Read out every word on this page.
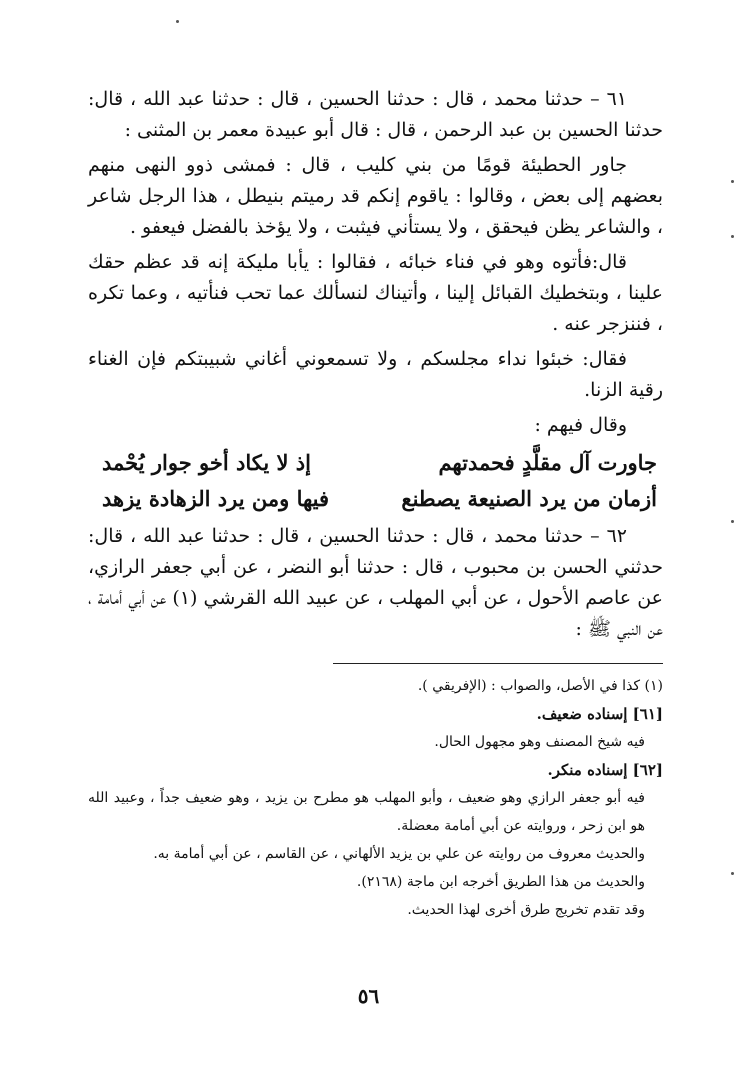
٦١ – حدثنا محمد ، قال : حدثنا الحسين ، قال : حدثنا عبد الله ، قال: حدثنا الحسين بن عبد الرحمن ، قال : قال أبو عبيدة معمر بن المثنى :

جاور الحطيئة قومًا من بني كليب ، قال : فمشى ذوو النهى منهم بعضهم إلى بعض ، وقالوا : ياقوم إنكم قد رميتم بنيطل ، هذا الرجل شاعر ، والشاعر يظن فيحقق ، ولا يستأني فيثبت ، ولا يؤخذ بالفضل فيعفو .

قال:فأتوه وهو في فناء خبائه ، فقالوا : يأبا مليكة إنه قد عظم حقك علينا ، وبتخطيك القبائل إلينا ، وأتيناك لنسألك عما تحب فنأتيه ، وعما تكره ، فننزجر عنه .

فقال: خبئوا نداء مجلسكم ، ولا تسمعوني أغاني شبيبتكم فإن الغناء رقية الزنا.

وقال فيهم :

جاورت آل مقلَّدٍ فحمدتهم
إذ لا يكاد أخو جوار يُحْمد
أزمان من يرد الصنيعة يصطنع
فيها ومن يرد الزهادة يزهد

٦٢ – حدثنا محمد ، قال : حدثنا الحسين ، قال : حدثنا عبد الله ، قال: حدثني الحسن بن محبوب ، قال : حدثنا أبو النضر ، عن أبي جعفر الرازي، عن عاصم الأحول ، عن أبي المهلب ، عن عبيد الله القرشي (١) عن أبي أمامة ، عن النبي ﷺ :

(١) كذا في الأصل، والصواب : (الإفريقي ).

[٦١] إسناده ضعيف.

فيه شيخ المصنف وهو مجهول الحال.

[٦٢] إسناده منكر.

فيه أبو جعفر الرازي وهو ضعيف ، وأبو المهلب هو مطرح بن يزيد ، وهو ضعيف جداً ، وعبيد الله هو ابن زحر ، وروايته عن أبي أمامة معضلة.

والحديث معروف من روايته عن علي بن يزيد الألهاني ، عن القاسم ، عن أبي أمامة به.

والحديث من هذا الطريق أخرجه ابن ماجة (٢١٦٨).

وقد تقدم تخريج طرق أخرى لهذا الحديث.

٥٦
